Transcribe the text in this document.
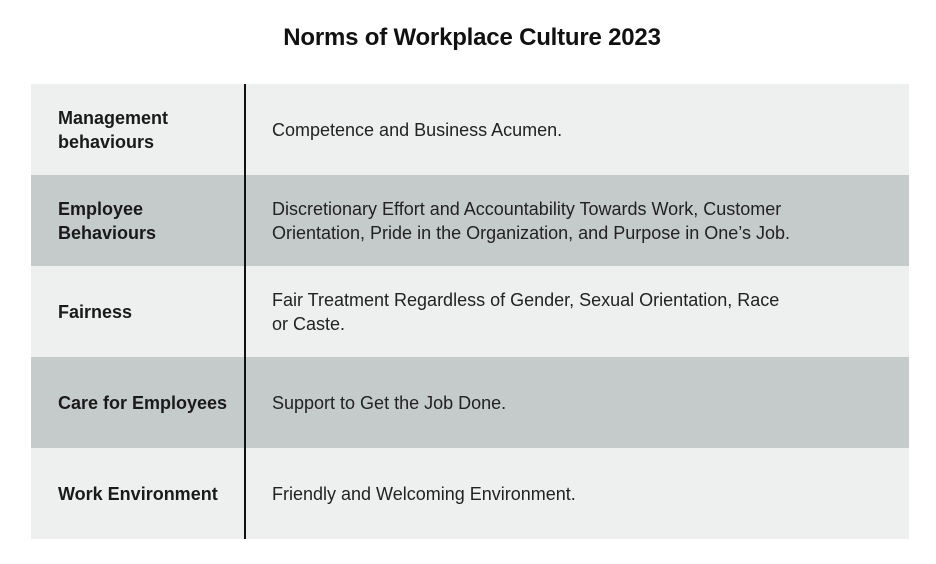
Norms of Workplace Culture 2023
Management behaviours
Competence and Business Acumen.
Employee Behaviours
Discretionary Effort and Accountability Towards Work, Customer Orientation, Pride in the Organization, and Purpose in One’s Job.
Fairness
Fair Treatment Regardless of Gender, Sexual Orientation, Race or Caste.
Care for Employees	Support to Get the Job Done.
Work Environment	Friendly and Welcoming Environment.
